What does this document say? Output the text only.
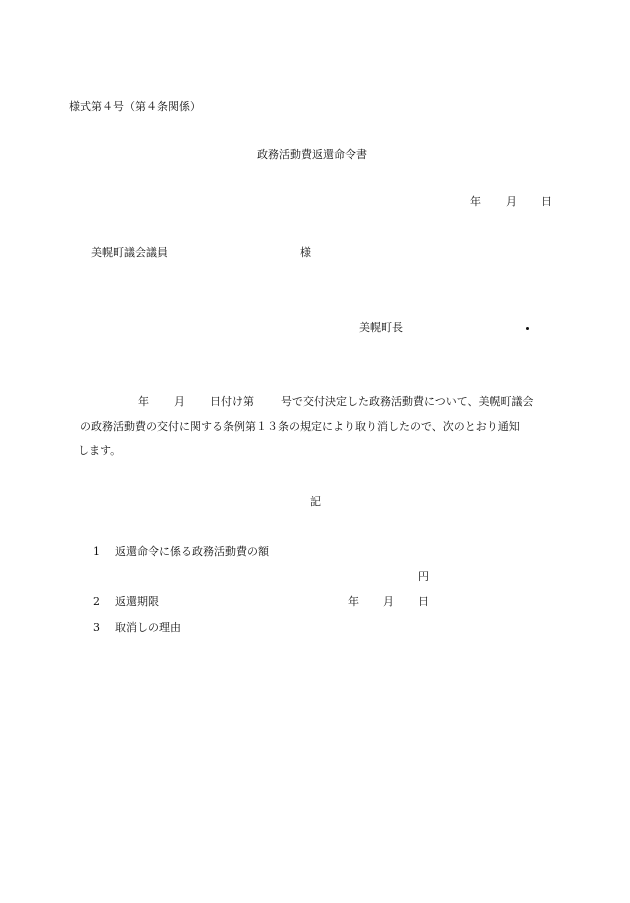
様式第４号（第４条関係）
政務活動費返還命令書
年 月 日
美幌町議会議員	様
美幌町長
年 月 日付け第 号で交付決定した政務活動費について、美幌町議会
の政務活動費の交付に関する条例第１３条の規定により取り消したので、次のとおり通知
します。
記
1 返還命令に係る政務活動費の額
円
2 返還期限	年 月 日
3 取消しの理由
